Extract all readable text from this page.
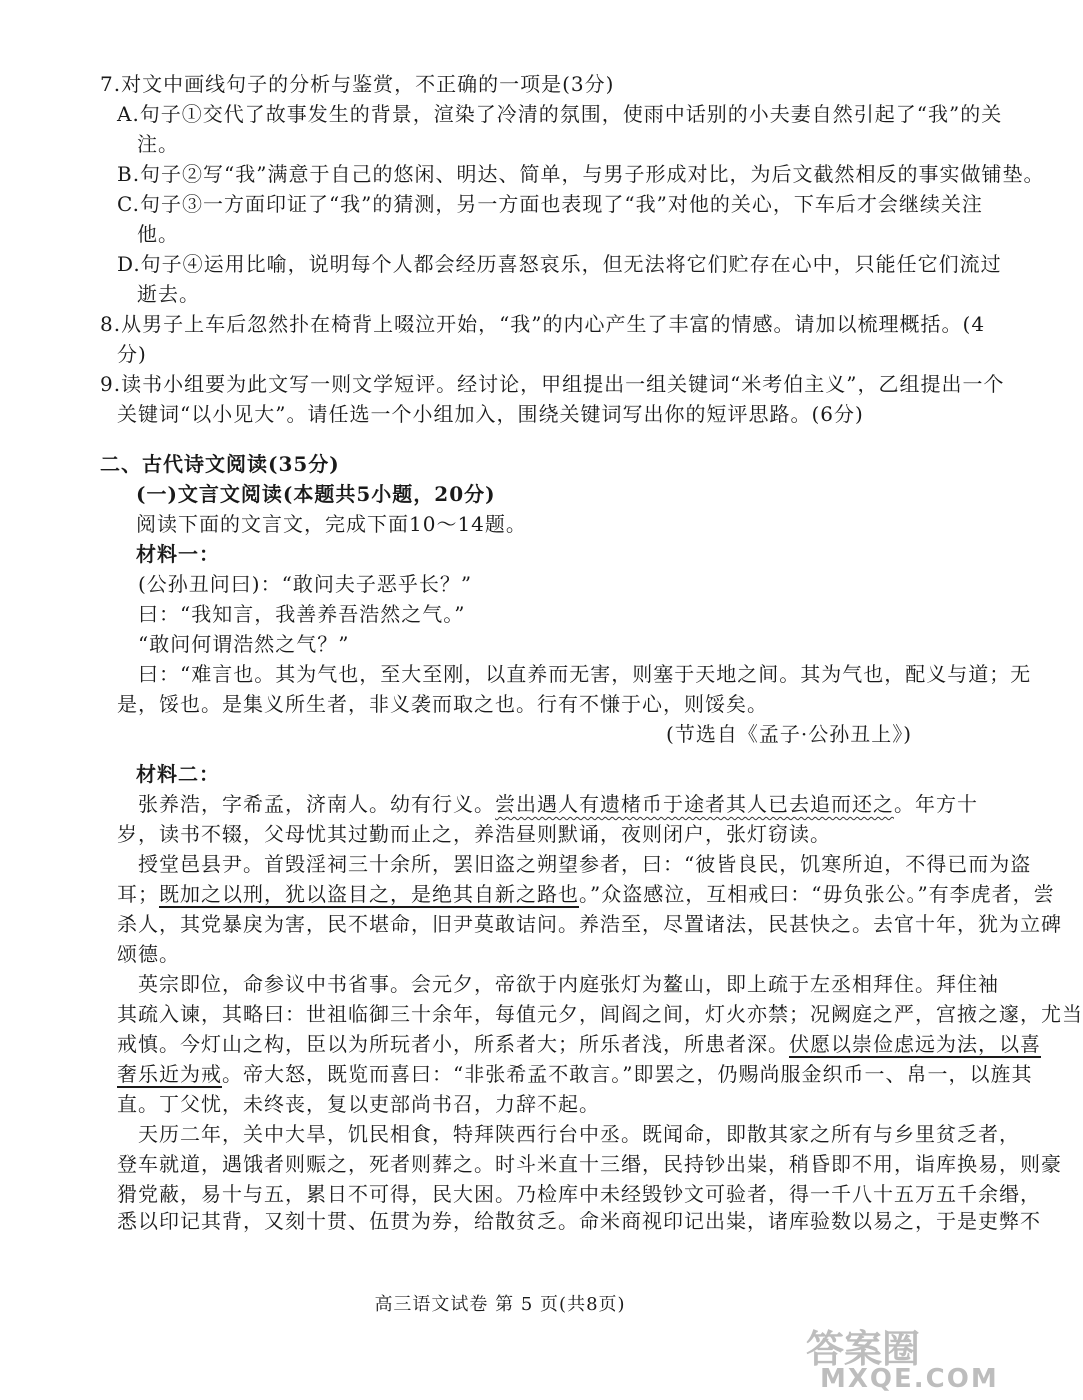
7.对文中画线句子的分析与鉴赏，不正确的一项是(3分)
A.句子①交代了故事发生的背景，渲染了冷清的氛围，使雨中话别的小夫妻自然引起了“我”的关
注。
B.句子②写“我”满意于自己的悠闲、明达、简单，与男子形成对比，为后文截然相反的事实做铺垫。
C.句子③一方面印证了“我”的猜测，另一方面也表现了“我”对他的关心，下车后才会继续关注
他。
D.句子④运用比喻，说明每个人都会经历喜怒哀乐，但无法将它们贮存在心中，只能任它们流过
逝去。
8.从男子上车后忽然扑在椅背上啜泣开始，“我”的内心产生了丰富的情感。请加以梳理概括。(4
分)
9.读书小组要为此文写一则文学短评。经讨论，甲组提出一组关键词“米考伯主义”，乙组提出一个
关键词“以小见大”。请任选一个小组加入，围绕关键词写出你的短评思路。(6分)
二、古代诗文阅读(35分)
(一)文言文阅读(本题共5小题，20分)
阅读下面的文言文，完成下面10～14题。
材料一：
(公孙丑问曰)：“敢问夫子恶乎长？”
曰：“我知言，我善养吾浩然之气。”
“敢问何谓浩然之气？”
曰：“难言也。其为气也，至大至刚，以直养而无害，则塞于天地之间。其为气也，配义与道；无
是，馁也。是集义所生者，非义袭而取之也。行有不慊于心，则馁矣。
(节选自《孟子·公孙丑上》)
材料二：
张养浩，字希孟，济南人。幼有行义。尝出遇人有遗楮币于途者其人已去追而还之。年方十
岁，读书不辍，父母忧其过勤而止之，养浩昼则默诵，夜则闭户，张灯窃读。
授堂邑县尹。首毁淫祠三十余所，罢旧盗之朔望参者，曰：“彼皆良民，饥寒所迫，不得已而为盗
耳；既加之以刑，犹以盗目之，是绝其自新之路也。”众盗感泣，互相戒曰：“毋负张公。”有李虎者，尝
杀人，其党暴戾为害，民不堪命，旧尹莫敢诘问。养浩至，尽置诸法，民甚快之。去官十年，犹为立碑
颂德。
英宗即位，命参议中书省事。会元夕，帝欲于内庭张灯为鳌山，即上疏于左丞相拜住。拜住袖
其疏入谏，其略曰：世祖临御三十余年，每值元夕，闾阎之间，灯火亦禁；况阙庭之严，宫掖之邃，尤当
戒慎。今灯山之构，臣以为所玩者小，所系者大；所乐者浅，所患者深。伏愿以崇俭虑远为法，以喜
奢乐近为戒。帝大怒，既览而喜曰：“非张希孟不敢言。”即罢之，仍赐尚服金织币一、帛一，以旌其
直。丁父忧，未终丧，复以吏部尚书召，力辞不起。
天历二年，关中大旱，饥民相食，特拜陕西行台中丞。既闻命，即散其家之所有与乡里贫乏者，
登车就道，遇饿者则赈之，死者则葬之。时斗米直十三缗，民持钞出粜，稍昏即不用，诣库换易，则豪
猾党蔽，易十与五，累日不可得，民大困。乃检库中未经毁钞文可验者，得一千八十五万五千余缗，
悉以印记其背，又刻十贯、伍贯为券，给散贫乏。命米商视印记出粜，诸库验数以易之，于是吏弊不
高三语文试卷 第 5 页(共8页)
答案圈
MXQE.COM
